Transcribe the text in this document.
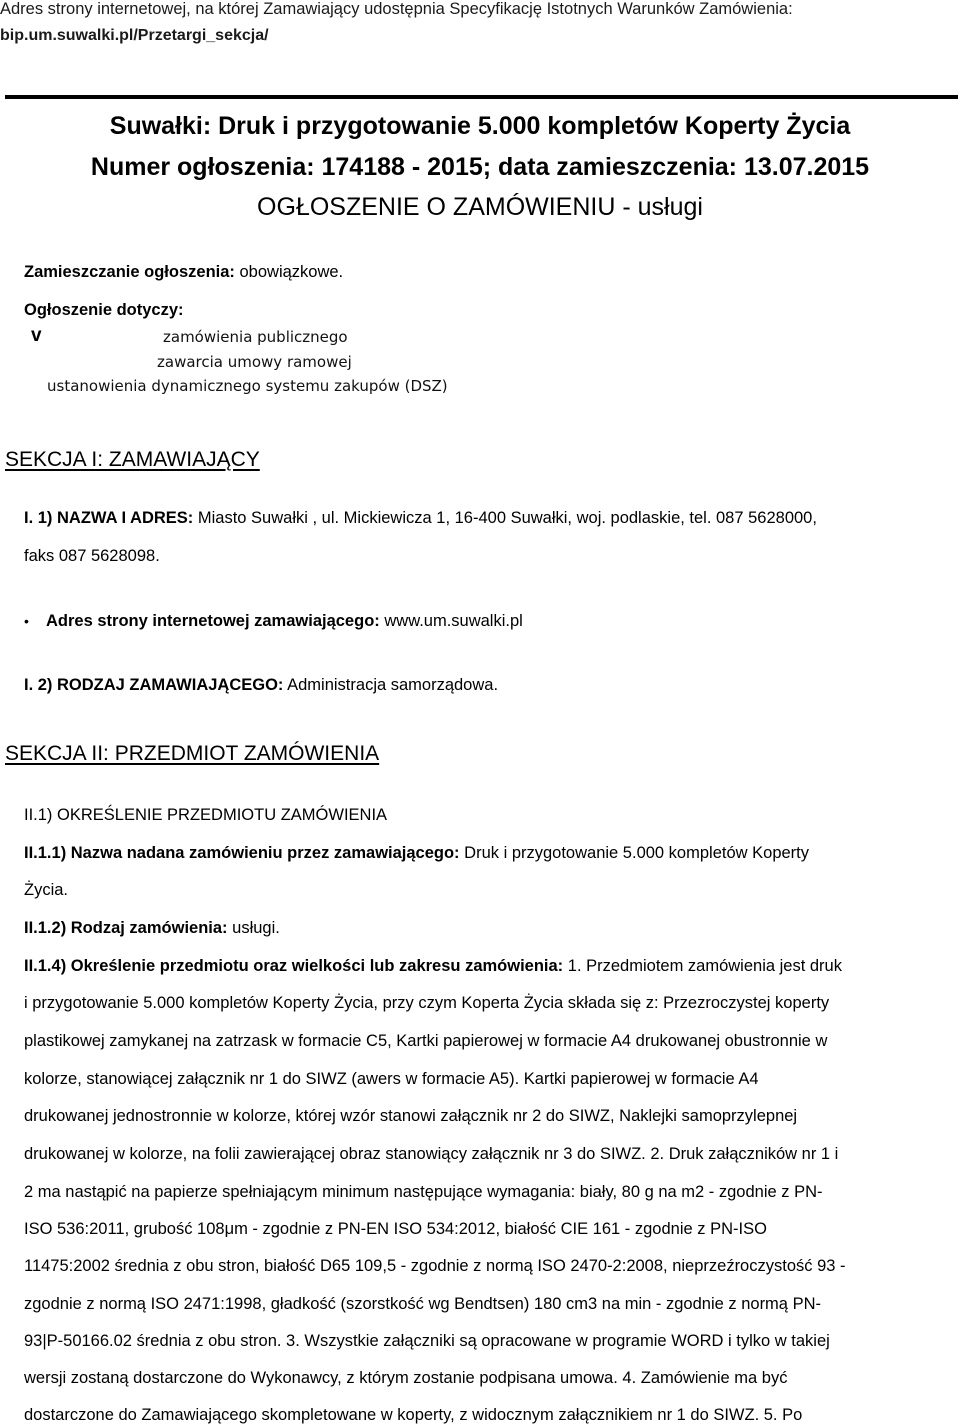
Adres strony internetowej, na której Zamawiający udostępnia Specyfikację Istotnych Warunków Zamówienia:
bip.um.suwalki.pl/Przetargi_sekcja/
Suwałki: Druk i przygotowanie 5.000 kompletów Koperty Życia
Numer ogłoszenia: 174188 - 2015; data zamieszczenia: 13.07.2015
OGŁOSZENIE O ZAMÓWIENIU - usługi
Zamieszczanie ogłoszenia: obowiązkowe.
Ogłoszenie dotyczy:
v	zamówienia publicznego
zawarcia umowy ramowej
ustanowienia dynamicznego systemu zakupów (DSZ)
SEKCJA I: ZAMAWIAJĄCY
I. 1) NAZWA I ADRES: Miasto Suwałki , ul. Mickiewicza 1, 16-400 Suwałki, woj. podlaskie, tel. 087 5628000,
faks 087 5628098.
• Adres strony internetowej zamawiającego: www.um.suwalki.pl
I. 2) RODZAJ ZAMAWIAJĄCEGO: Administracja samorządowa.
SEKCJA II: PRZEDMIOT ZAMÓWIENIA
II.1) OKREŚLENIE PRZEDMIOTU ZAMÓWIENIA
II.1.1) Nazwa nadana zamówieniu przez zamawiającego: Druk i przygotowanie 5.000 kompletów Koperty
Życia.
II.1.2) Rodzaj zamówienia: usługi.
II.1.4) Określenie przedmiotu oraz wielkości lub zakresu zamówienia: 1. Przedmiotem zamówienia jest druk
i przygotowanie 5.000 kompletów Koperty Życia, przy czym Koperta Życia składa się z: Przezroczystej koperty
plastikowej zamykanej na zatrzask w formacie C5, Kartki papierowej w formacie A4 drukowanej obustronnie w
kolorze, stanowiącej załącznik nr 1 do SIWZ (awers w formacie A5). Kartki papierowej w formacie A4
drukowanej jednostronnie w kolorze, której wzór stanowi załącznik nr 2 do SIWZ, Naklejki samoprzylepnej
drukowanej w kolorze, na folii zawierającej obraz stanowiący załącznik nr 3 do SIWZ. 2. Druk załączników nr 1 i
2 ma nastąpić na papierze spełniającym minimum następujące wymagania: biały, 80 g na m2 - zgodnie z PN-
ISO 536:2011, grubość 108μm - zgodnie z PN-EN ISO 534:2012, białość CIE 161 - zgodnie z PN-ISO
11475:2002 średnia z obu stron, białość D65 109,5 - zgodnie z normą ISO 2470-2:2008, nieprzeźroczystość 93 -
zgodnie z normą ISO 2471:1998, gładkość (szorstkość wg Bendtsen) 180 cm3 na min - zgodnie z normą PN-
93|P-50166.02 średnia z obu stron. 3. Wszystkie załączniki są opracowane w programie WORD i tylko w takiej
wersji zostaną dostarczone do Wykonawcy, z którym zostanie podpisana umowa. 4. Zamówienie ma być
dostarczone do Zamawiającego skompletowane w koperty, z widocznym załącznikiem nr 1 do SIWZ. 5. Po
